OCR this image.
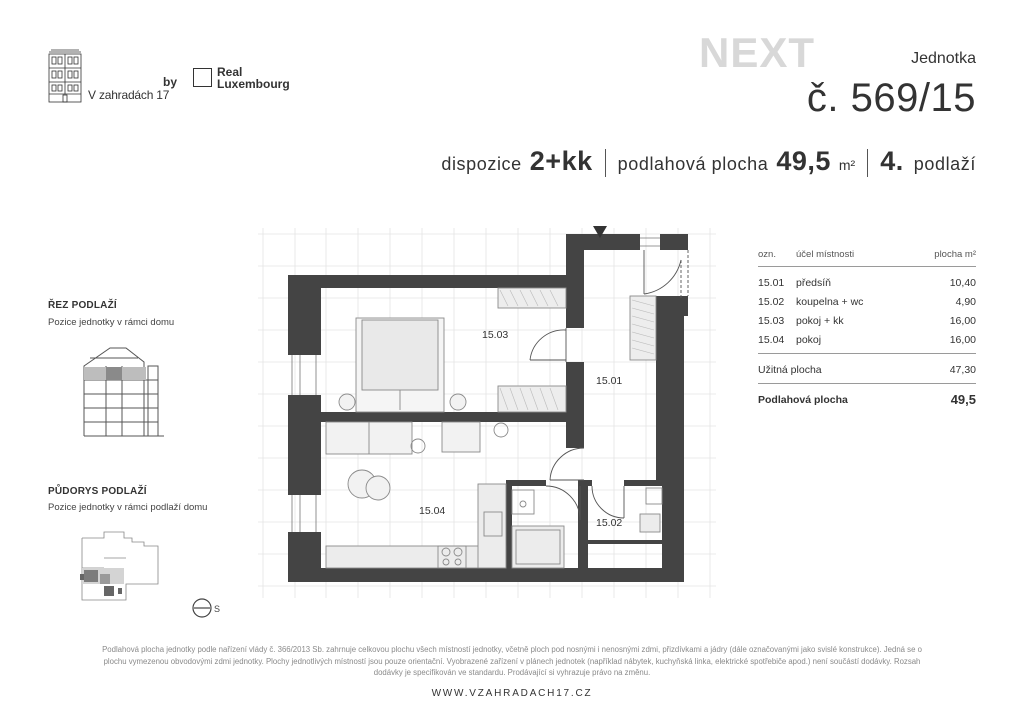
V zahradách 17
by
Real
Luxembourg
NEXT	Jednotka
č. 569/15
dispozice 2+kk podlahová plocha 49,5 m² 4. podlaží
ŘEZ PODLAŽÍ
Pozice jednotky v rámci domu
PŮDORYS PODLAŽÍ
Pozice jednotky v rámci podlaží domu
S
15.03
15.01
15.04
15.02
ozn.	účel místnosti	plocha m²
15.01	předsíň	10,40
15.02	koupelna + wc	4,90
15.03	pokoj + kk	16,00
15.04	pokoj	16,00
Užitná plocha	47,30
Podlahová plocha	49,5
Podlahová plocha jednotky podle nařízení vlády č. 366/2013 Sb. zahrnuje celkovou plochu všech místností jednotky, včetně ploch pod nosnými i nenosnými zdmi, přizdívkami a jádry (dále označovanými jako svislé konstrukce). Jedná se o
plochu vymezenou obvodovými zdmi jednotky. Plochy jednotlivých místností jsou pouze orientační. Vyobrazené zařízení v plánech jednotek (například nábytek, kuchyňská linka, elektrické spotřebiče apod.) není součástí dodávky. Rozsah
dodávky je specifikován ve standardu. Prodávající si vyhrazuje právo na změnu.
WWW.VZAHRADACH17.CZ
